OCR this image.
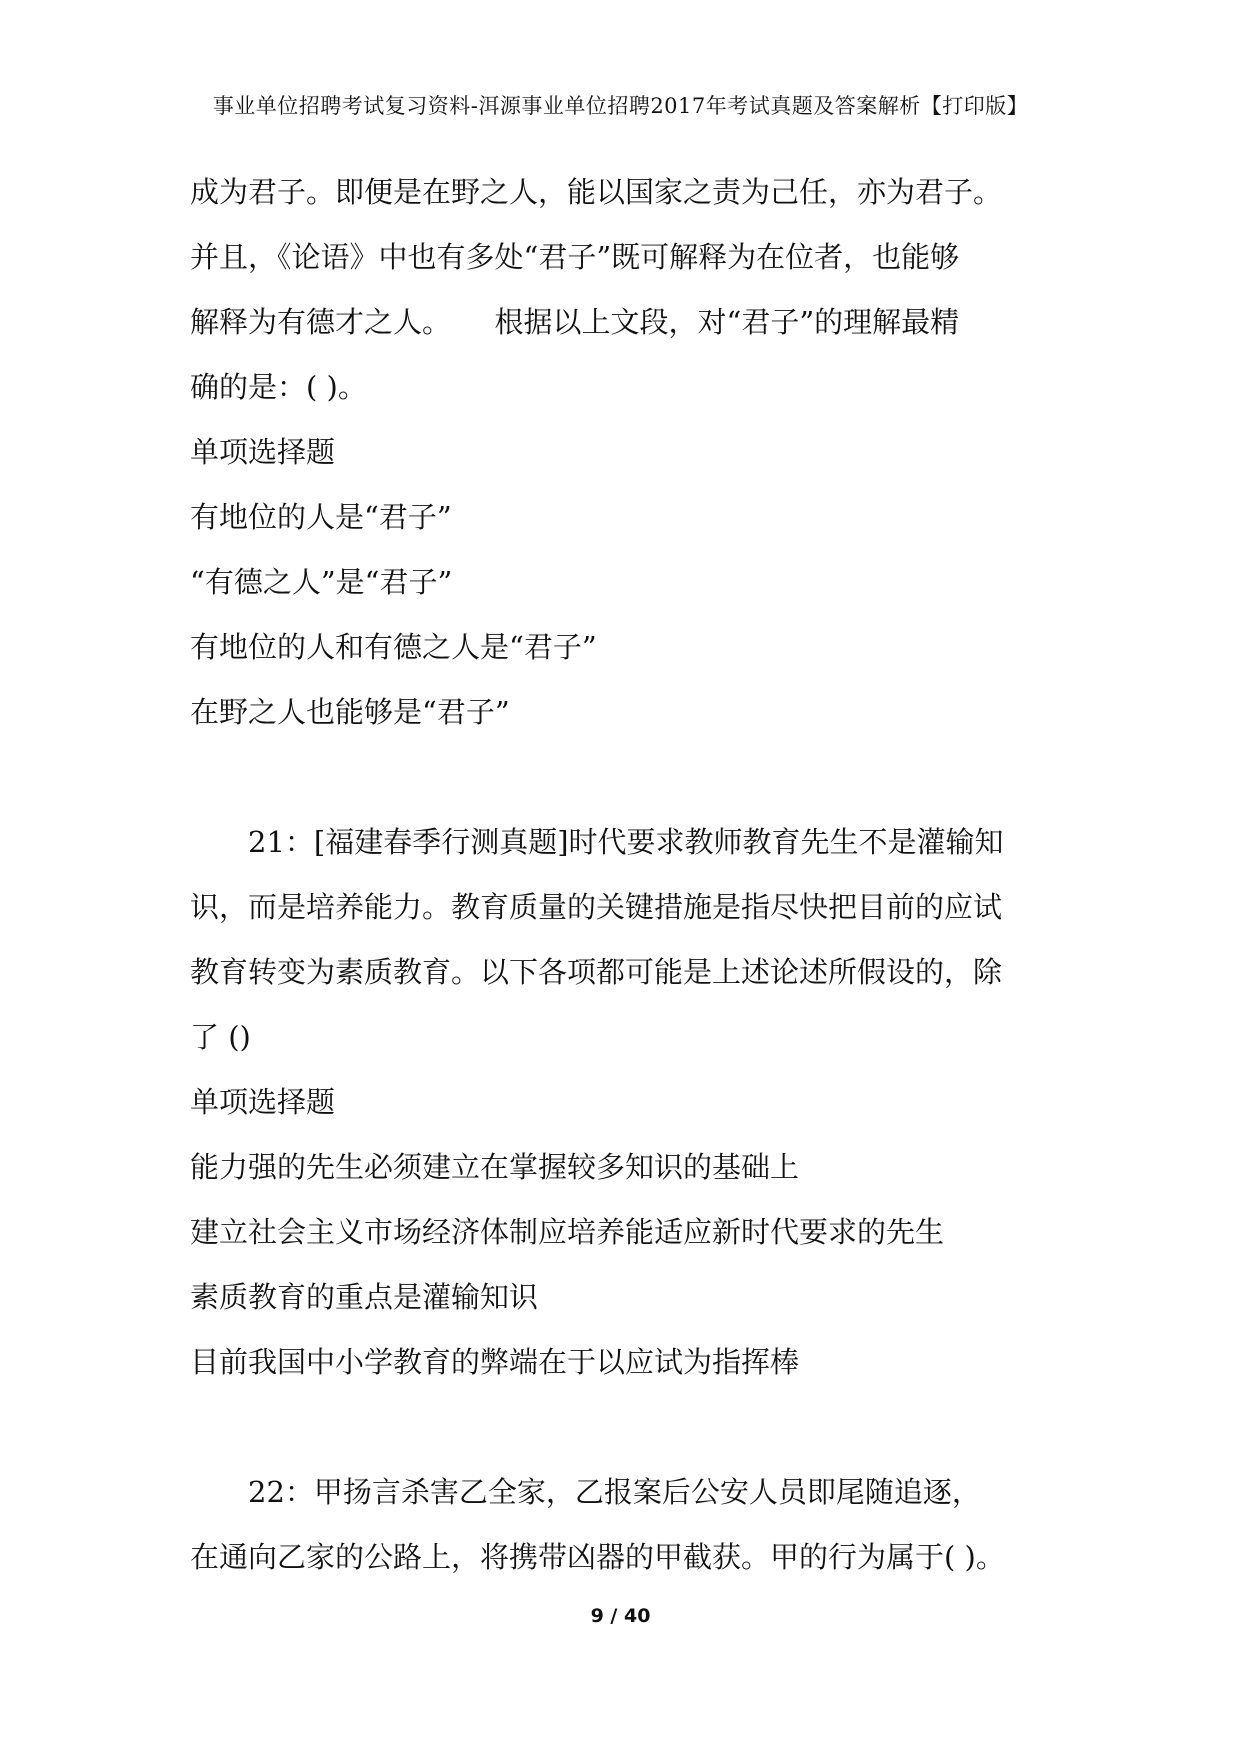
事业单位招聘考试复习资料-洱源事业单位招聘2017年考试真题及答案解析【打印版】
成为君子。即便是在野之人，能以国家之责为己任，亦为君子。
并且，《论语》中也有多处“君子”既可解释为在位者，也能够
解释为有德才之人。　　根据以上文段，对“君子”的理解最精
确的是：( )。
单项选择题
有地位的人是“君子”
“有德之人”是“君子”
有地位的人和有德之人是“君子”
在野之人也能够是“君子”
21：[福建春季行测真题]时代要求教师教育先生不是灌输知
识，而是培养能力。教育质量的关键措施是指尽快把目前的应试
教育转变为素质教育。以下各项都可能是上述论述所假设的，除
了 ()
单项选择题
能力强的先生必须建立在掌握较多知识的基础上
建立社会主义市场经济体制应培养能适应新时代要求的先生
素质教育的重点是灌输知识
目前我国中小学教育的弊端在于以应试为指挥棒
22：甲扬言杀害乙全家，乙报案后公安人员即尾随追逐，
在通向乙家的公路上，将携带凶器的甲截获。甲的行为属于( )。
9 / 40
